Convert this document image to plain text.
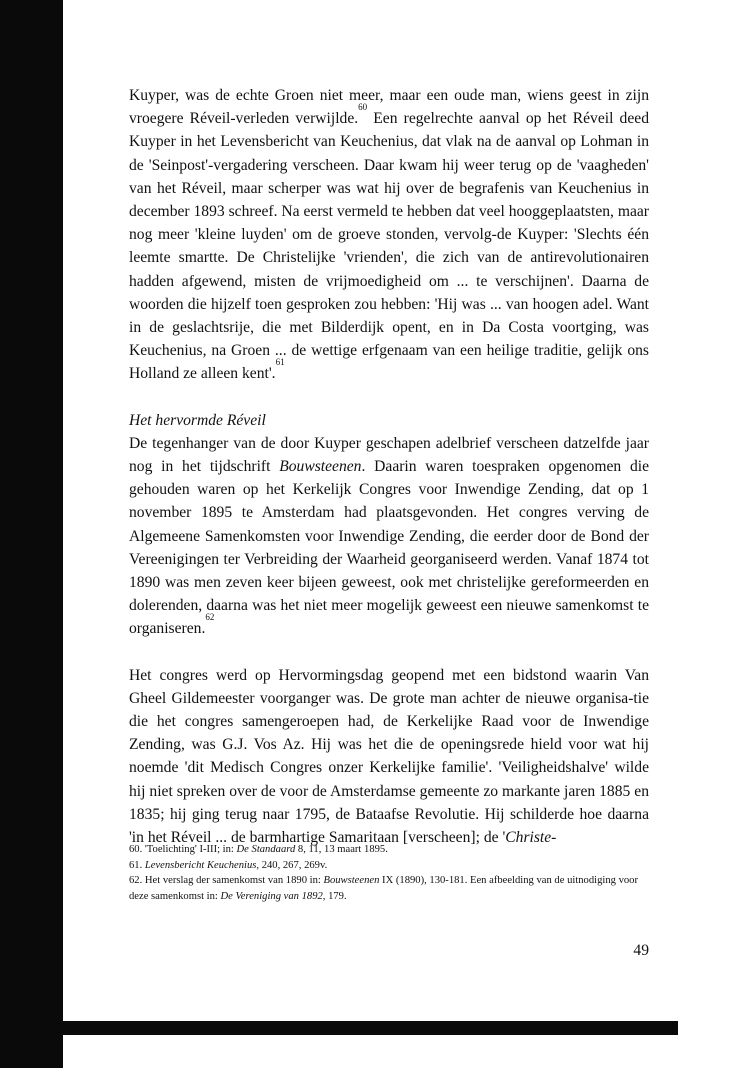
Kuyper, was de echte Groen niet meer, maar een oude man, wiens geest in zijn vroegere Réveil-verleden verwijlde.$^{60}$ Een regelrechte aanval op het Réveil deed Kuyper in het Levensbericht van Keuchenius, dat vlak na de aanval op Lohman in de 'Seinpost'-vergadering verscheen. Daar kwam hij weer terug op de 'vaagheden' van het Réveil, maar scherper was wat hij over de begrafenis van Keuchenius in december 1893 schreef. Na eerst vermeld te hebben dat veel hooggeplaatsten, maar nog meer 'kleine luyden' om de groeve stonden, vervolg-de Kuyper: 'Slechts één leemte smartte. De Christelijke 'vrienden', die zich van de antirevolutionairen hadden afgewend, misten de vrijmoedigheid om ... te verschijnen'. Daarna de woorden die hijzelf toen gesproken zou hebben: 'Hij was ... van hoogen adel. Want in de geslachtsrije, die met Bilderdijk opent, en in Da Costa voortging, was Keuchenius, na Groen ... de wettige erfgenaam van een heilige traditie, gelijk ons Holland ze alleen kent'.$^{61}$

Het hervormde Réveil

De tegenhanger van de door Kuyper geschapen adelbrief verscheen datzelfde jaar nog in het tijdschrift Bouwsteenen. Daarin waren toespraken opgenomen die gehouden waren op het Kerkelijk Congres voor Inwendige Zending, dat op 1 november 1895 te Amsterdam had plaatsgevonden. Het congres verving de Algemeene Samenkomsten voor Inwendige Zending, die eerder door de Bond der Vereenigingen ter Verbreiding der Waarheid georganiseerd werden. Vanaf 1874 tot 1890 was men zeven keer bijeen geweest, ook met christelijke gereformeerden en dolerenden, daarna was het niet meer mogelijk geweest een nieuwe samenkomst te organiseren.$^{62}$

Het congres werd op Hervormingsdag geopend met een bidstond waarin Van Gheel Gildemeester voorganger was. De grote man achter de nieuwe organisa-tie die het congres samengeroepen had, de Kerkelijke Raad voor de Inwendige Zending, was G.J. Vos Az. Hij was het die de openingsrede hield voor wat hij noemde 'dit Medisch Congres onzer Kerkelijke familie'. 'Veiligheidshalve' wilde hij niet spreken over de voor de Amsterdamse gemeente zo markante jaren 1885 en 1835; hij ging terug naar 1795, de Bataafse Revolutie. Hij schilderde hoe daarna 'in het Réveil ... de barmhartige Samaritaan [verscheen]; de 'Christe-

60. 'Toelichting' I-III; in: De Standaard 8, 11, 13 maart 1895.

61. Levensbericht Keuchenius, 240, 267, 269v.

62. Het verslag der samenkomst van 1890 in: Bouwsteenen IX (1890), 130-181. Een afbeelding van de uitnodiging voor deze samenkomst in: De Vereniging van 1892, 179.

49
